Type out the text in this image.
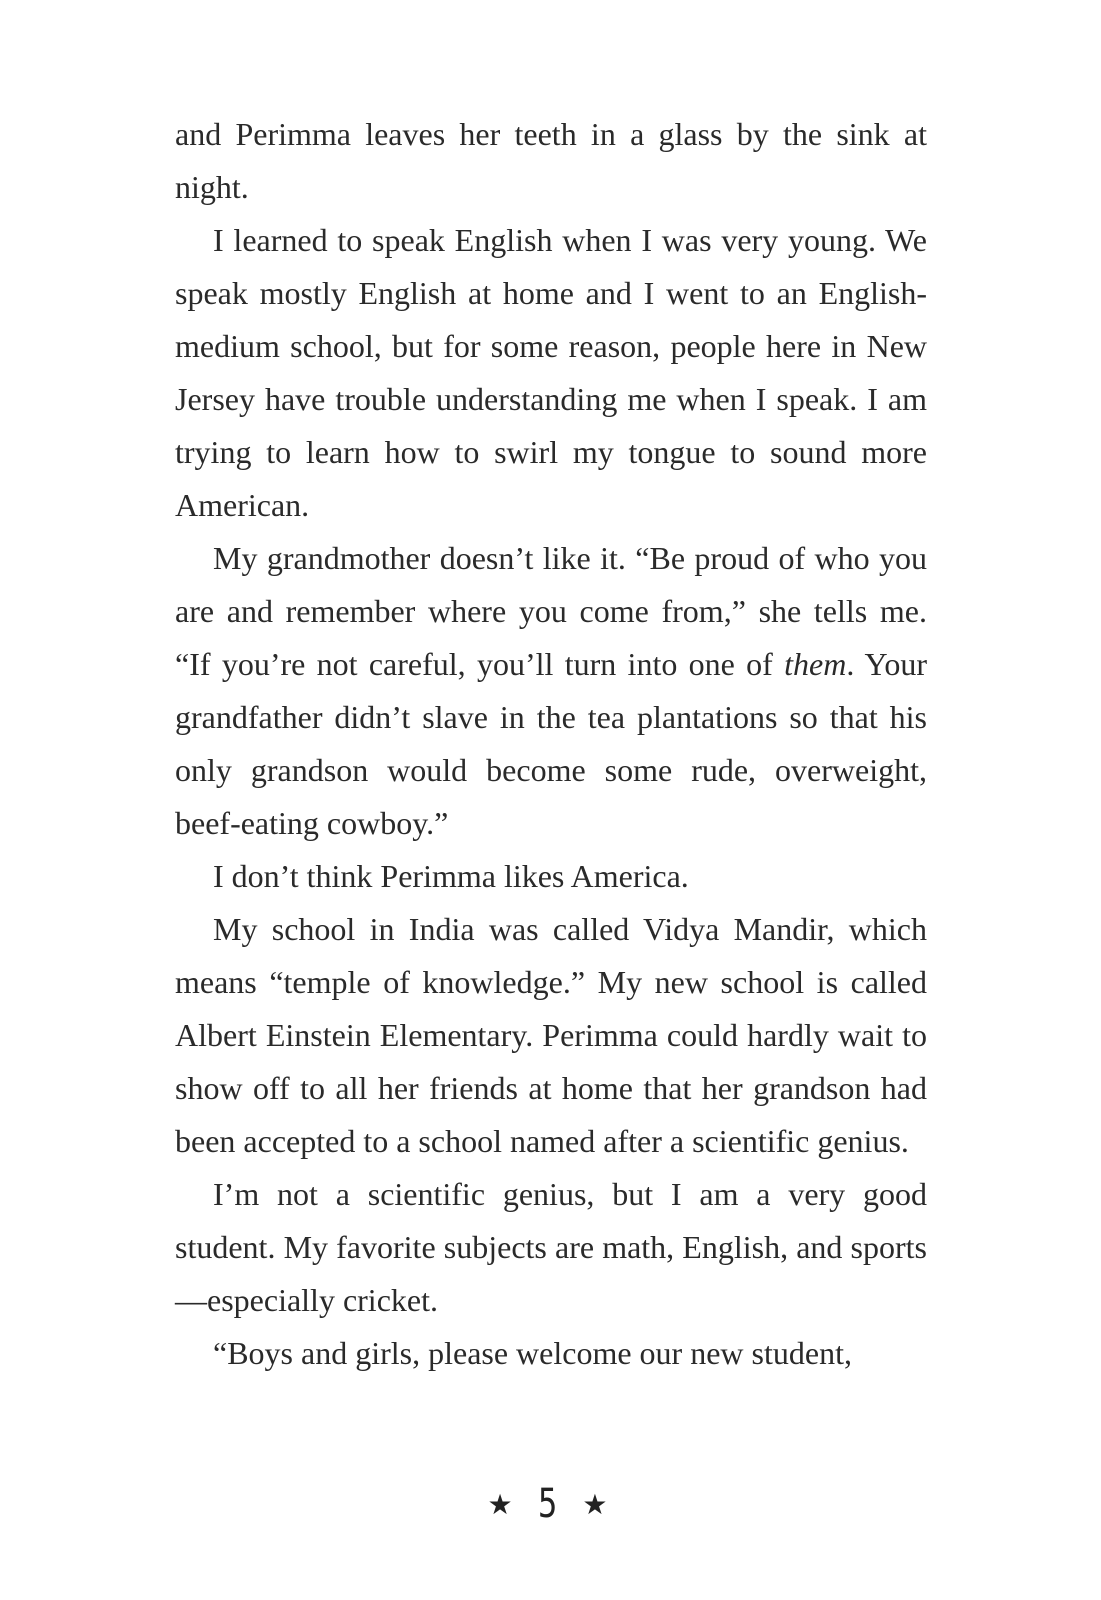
and Perimma leaves her teeth in a glass by the sink at night.

I learned to speak English when I was very young. We speak mostly English at home and I went to an English-medium school, but for some reason, people here in New Jersey have trouble understanding me when I speak. I am trying to learn how to swirl my tongue to sound more American.

My grandmother doesn’t like it. “Be proud of who you are and remember where you come from,” she tells me. “If you’re not careful, you’ll turn into one of them. Your grandfather didn’t slave in the tea plantations so that his only grandson would become some rude, overweight, beef-eating cowboy.”

I don’t think Perimma likes America.

My school in India was called Vidya Mandir, which means “temple of knowledge.” My new school is called Albert Einstein Elementary. Perimma could hardly wait to show off to all her friends at home that her grandson had been accepted to a school named after a scientific genius.

I’m not a scientific genius, but I am a very good student. My favorite subjects are math, English, and sports—especially cricket.

“Boys and girls, please welcome our new student,

★ 5 ★
